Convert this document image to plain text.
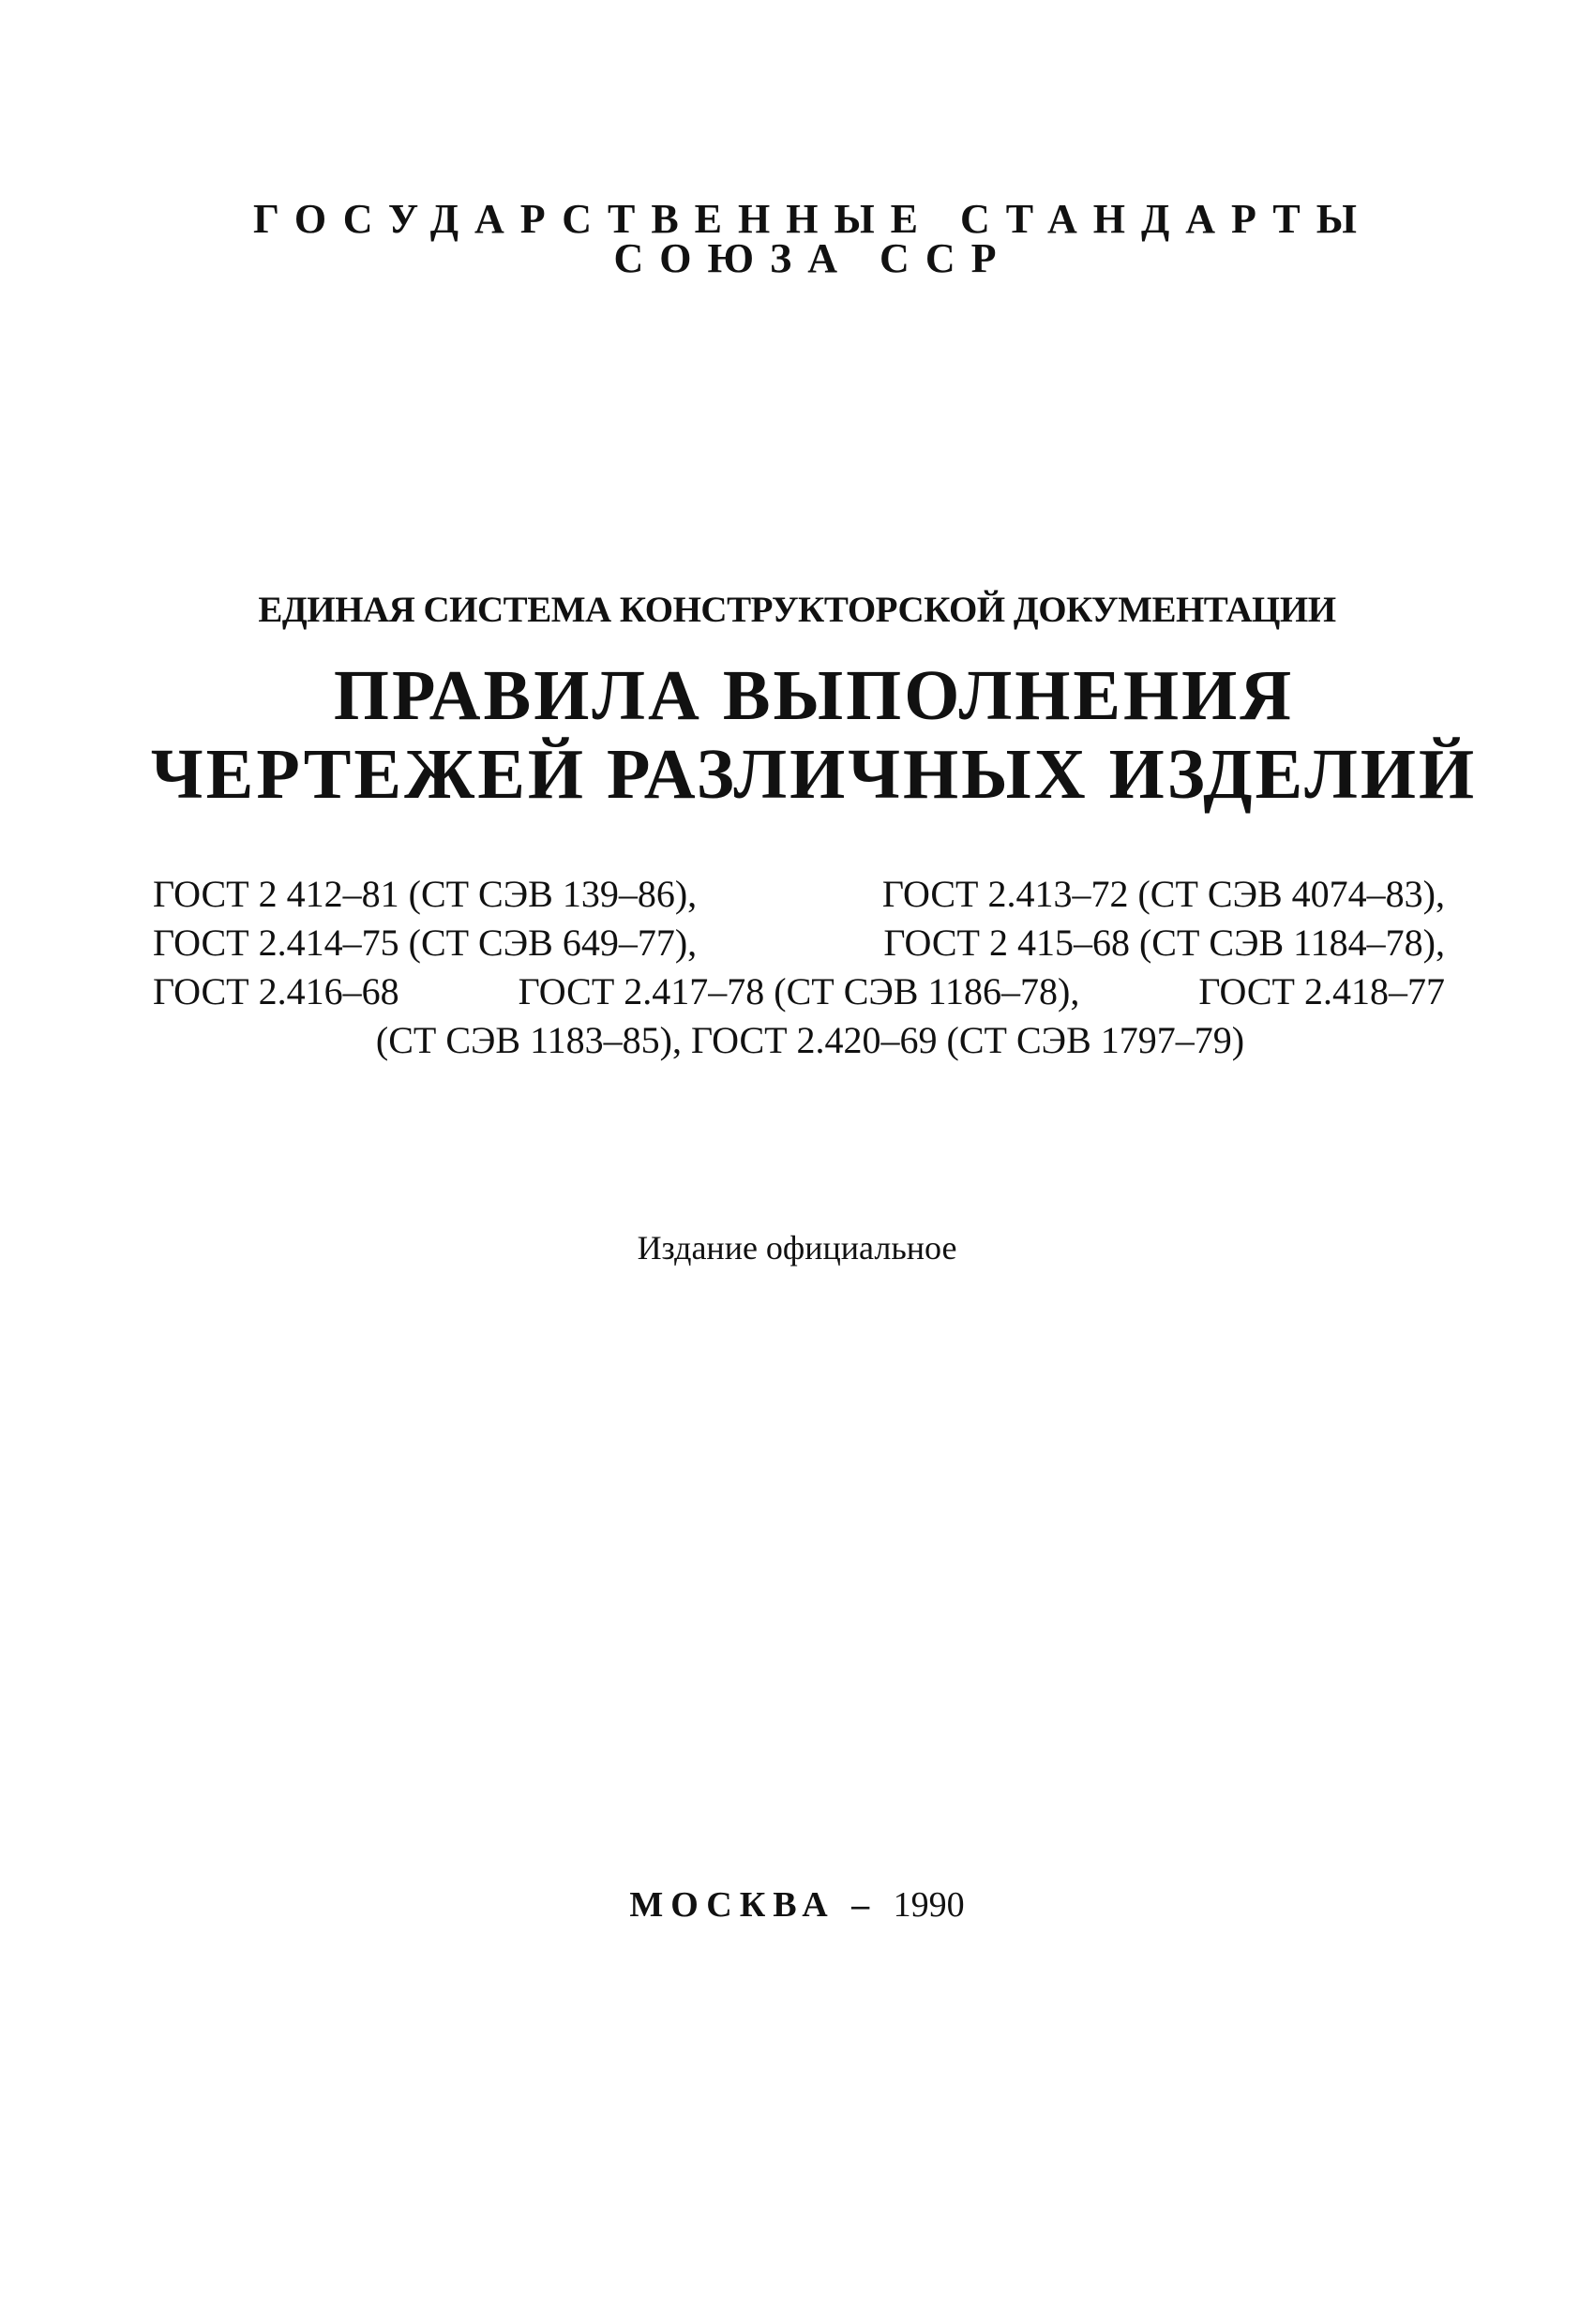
ГОСУДАРСТВЕННЫЕ СТАНДАРТЫ
СОЮЗА ССР
ЕДИНАЯ СИСТЕМА КОНСТРУКТОРСКОЙ ДОКУМЕНТАЦИИ
ПРАВИЛА ВЫПОЛНЕНИЯ
ЧЕРТЕЖЕЙ РАЗЛИЧНЫХ ИЗДЕЛИЙ
ГОСТ 2 412–81 (СТ СЭВ 139–86),	ГОСТ 2.413–72 (СТ СЭВ 4074–83),
ГОСТ 2.414–75 (СТ СЭВ 649–77),	ГОСТ 2 415–68 (СТ СЭВ 1184–78),
ГОСТ 2.416–68	ГОСТ 2.417–78 (СТ СЭВ 1186–78),	ГОСТ 2.418–77
(СТ СЭВ 1183–85), ГОСТ 2.420–69 (СТ СЭВ 1797–79)
Издание официальное
МОСКВА – 1990
